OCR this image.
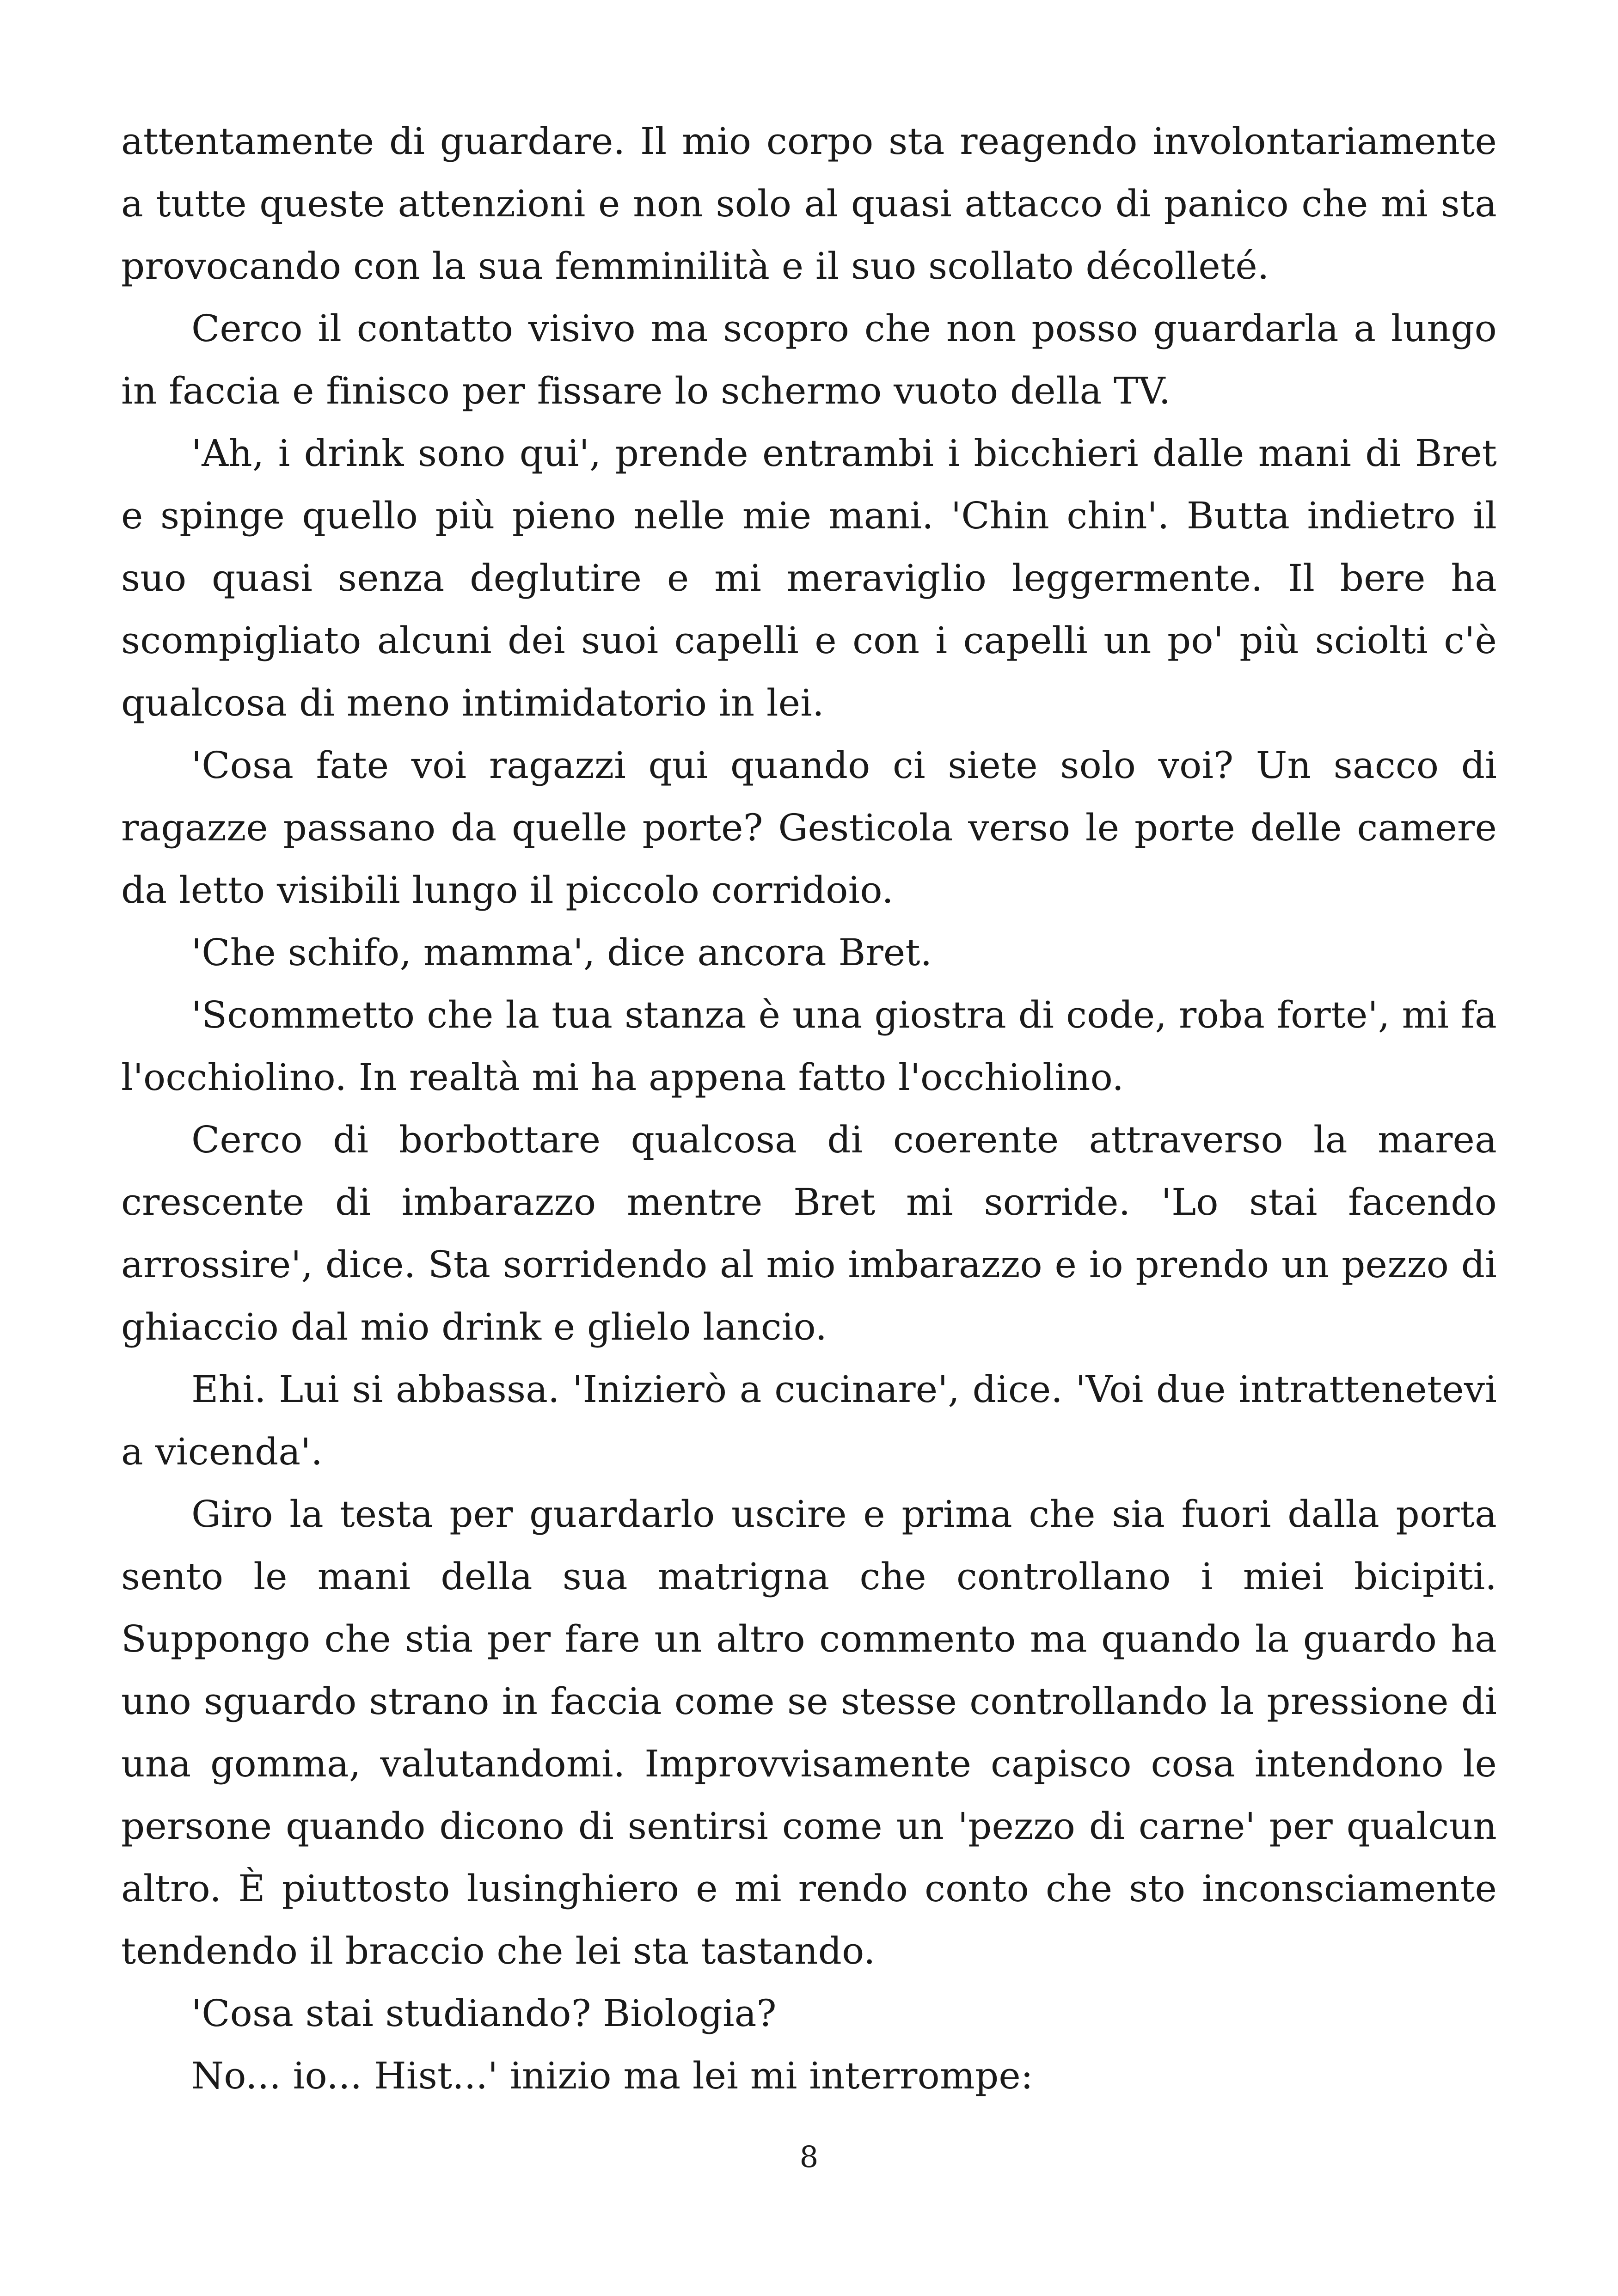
attentamente di guardare. Il mio corpo sta reagendo involontariamente a tutte queste attenzioni e non solo al quasi attacco di panico che mi sta provocando con la sua femminilità e il suo scollato décolleté.

Cerco il contatto visivo ma scopro che non posso guardarla a lungo in faccia e finisco per fissare lo schermo vuoto della TV.

'Ah, i drink sono qui', prende entrambi i bicchieri dalle mani di Bret e spinge quello più pieno nelle mie mani. 'Chin chin'. Butta indietro il suo quasi senza deglutire e mi meraviglio leggermente. Il bere ha scompigliato alcuni dei suoi capelli e con i capelli un po' più sciolti c'è qualcosa di meno intimidatorio in lei.

'Cosa fate voi ragazzi qui quando ci siete solo voi? Un sacco di ragazze passano da quelle porte? Gesticola verso le porte delle camere da letto visibili lungo il piccolo corridoio.

'Che schifo, mamma', dice ancora Bret.

'Scommetto che la tua stanza è una giostra di code, roba forte', mi fa l'occhiolino. In realtà mi ha appena fatto l'occhiolino.

Cerco di borbottare qualcosa di coerente attraverso la marea crescente di imbarazzo mentre Bret mi sorride. 'Lo stai facendo arrossire', dice. Sta sorridendo al mio imbarazzo e io prendo un pezzo di ghiaccio dal mio drink e glielo lancio.

Ehi. Lui si abbassa. 'Inizierò a cucinare', dice. 'Voi due intrattenetevi a vicenda'.

Giro la testa per guardarlo uscire e prima che sia fuori dalla porta sento le mani della sua matrigna che controllano i miei bicipiti. Suppongo che stia per fare un altro commento ma quando la guardo ha uno sguardo strano in faccia come se stesse controllando la pressione di una gomma, valutandomi. Improvvisamente capisco cosa intendono le persone quando dicono di sentirsi come un 'pezzo di carne' per qualcun altro. È piuttosto lusinghiero e mi rendo conto che sto inconsciamente tendendo il braccio che lei sta tastando.

'Cosa stai studiando? Biologia?

No... io... Hist...' inizio ma lei mi interrompe:

8
